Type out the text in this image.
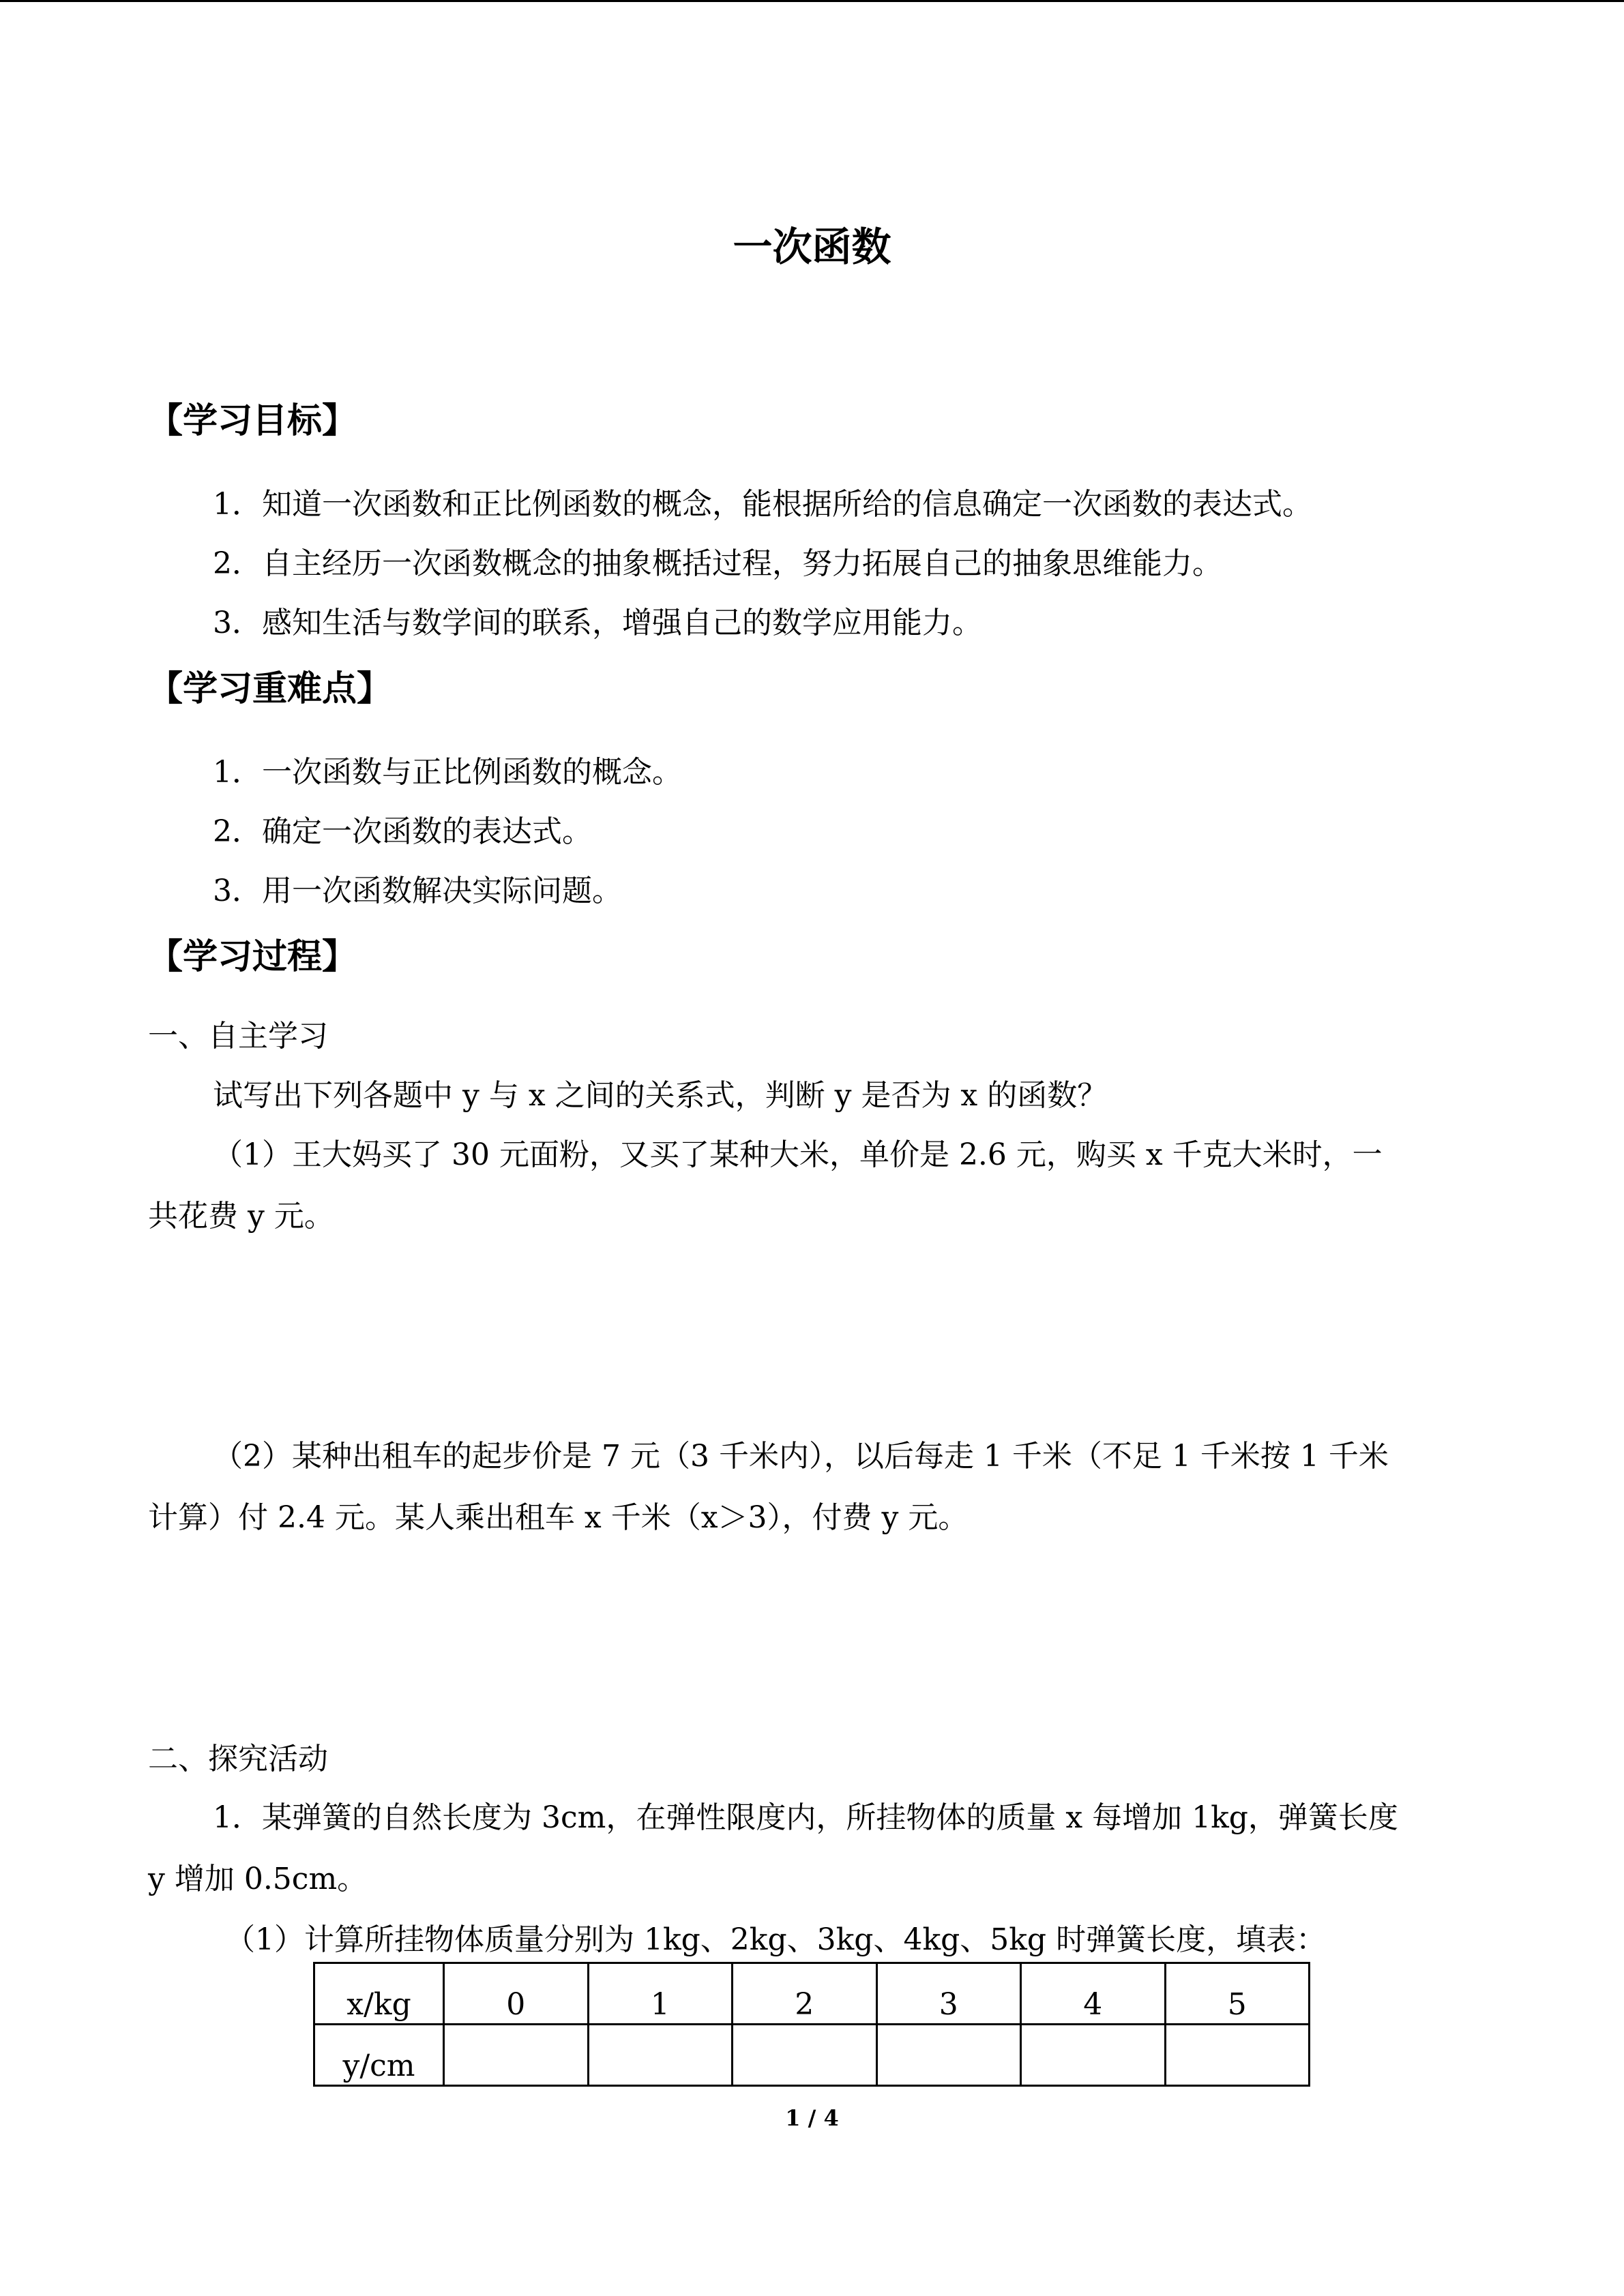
一次函数
【学习目标】
1．知道一次函数和正比例函数的概念，能根据所给的信息确定一次函数的表达式。
2．自主经历一次函数概念的抽象概括过程，努力拓展自己的抽象思维能力。
3．感知生活与数学间的联系，增强自己的数学应用能力。
【学习重难点】
1．一次函数与正比例函数的概念。
2．确定一次函数的表达式。
3．用一次函数解决实际问题。
【学习过程】
一、自主学习
试写出下列各题中 y 与 x 之间的关系式，判断 y 是否为 x 的函数？
（1）王大妈买了 30 元面粉，又买了某种大米，单价是 2.6 元，购买 x 千克大米时，一
共花费 y 元。
（2）某种出租车的起步价是 7 元（3 千米内），以后每走 1 千米（不足 1 千米按 1 千米
计算）付 2.4 元。某人乘出租车 x 千米（x＞3），付费 y 元。
二、探究活动
1．某弹簧的自然长度为 3cm，在弹性限度内，所挂物体的质量 x 每增加 1kg，弹簧长度
y 增加 0.5cm。
（1）计算所挂物体质量分别为 1kg、2kg、3kg、4kg、5kg 时弹簧长度，填表：
x/kg	0	1	2	3	4	5
y/cm						
1 / 4
